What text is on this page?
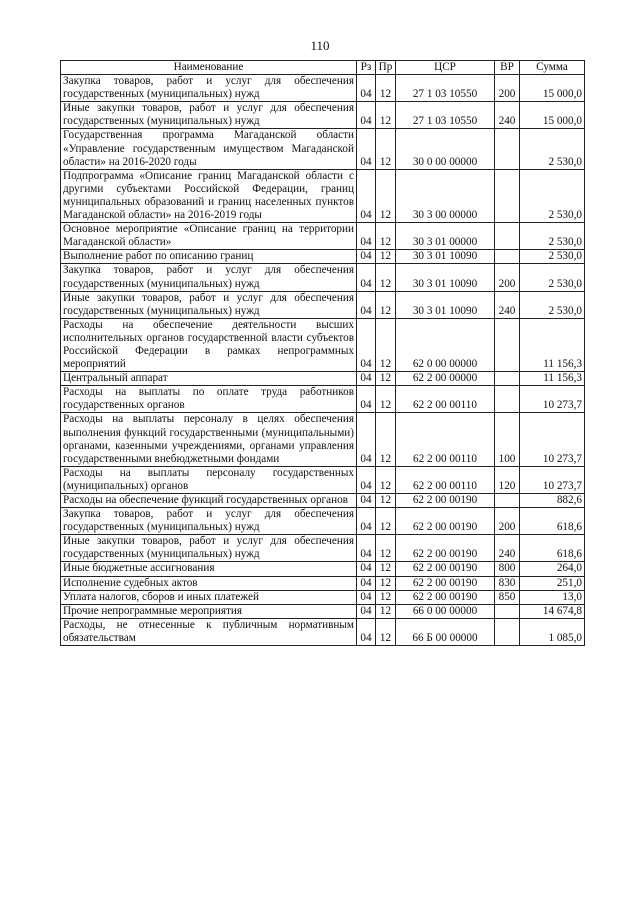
110
Наименование	Рз	Пр	ЦСР	ВР	Сумма
Закупка товаров, работ и услуг для обеспечения государственных (муниципальных) нужд	04	12	27 1 03 10550	200	15 000,0
Иные закупки товаров, работ и услуг для обеспечения государственных (муниципальных) нужд	04	12	27 1 03 10550	240	15 000,0
Государственная программа Магаданской области «Управление государственным имуществом Магаданской области» на 2016-2020 годы	04	12	30 0 00 00000		2 530,0
Подпрограмма «Описание границ Магаданской области с другими субъектами Российской Федерации, границ муниципальных образований и границ населенных пунктов Магаданской области» на 2016-2019 годы	04	12	30 3 00 00000		2 530,0
Основное мероприятие «Описание границ на территории Магаданской области»	04	12	30 3 01 00000		2 530,0
Выполнение работ по описанию границ	04	12	30 3 01 10090		2 530,0
Закупка товаров, работ и услуг для обеспечения государственных (муниципальных) нужд	04	12	30 3 01 10090	200	2 530,0
Иные закупки товаров, работ и услуг для обеспечения государственных (муниципальных) нужд	04	12	30 3 01 10090	240	2 530,0
Расходы на обеспечение деятельности высших исполнительных органов государственной власти субъектов Российской Федерации в рамках непрограммных мероприятий	04	12	62 0 00 00000		11 156,3
Центральный аппарат	04	12	62 2 00 00000		11 156,3
Расходы на выплаты по оплате труда работников государственных органов	04	12	62 2 00 00110		10 273,7
Расходы на выплаты персоналу в целях обеспечения выполнения функций государственными (муниципальными) органами, казенными учреждениями, органами управления государственными внебюджетными фондами	04	12	62 2 00 00110	100	10 273,7
Расходы на выплаты персоналу государственных (муниципальных) органов	04	12	62 2 00 00110	120	10 273,7
Расходы на обеспечение функций государственных органов	04	12	62 2 00 00190		882,6
Закупка товаров, работ и услуг для обеспечения государственных (муниципальных) нужд	04	12	62 2 00 00190	200	618,6
Иные закупки товаров, работ и услуг для обеспечения государственных (муниципальных) нужд	04	12	62 2 00 00190	240	618,6
Иные бюджетные ассигнования	04	12	62 2 00 00190	800	264,0
Исполнение судебных актов	04	12	62 2 00 00190	830	251,0
Уплата налогов, сборов и иных платежей	04	12	62 2 00 00190	850	13,0
Прочие непрограммные мероприятия	04	12	66 0 00 00000		14 674,8
Расходы, не отнесенные к публичным нормативным обязательствам	04	12	66 Б 00 00000		1 085,0
